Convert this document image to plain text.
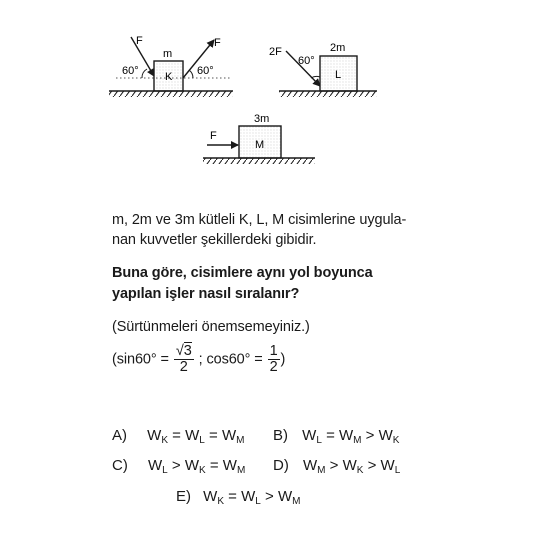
F
m
K
F
60°	60°
2F	2m
L
60°
F
3m
M
m, 2m ve 3m kütleli K, L, M cisimlerine uygula-
nan kuvvetler şekillerdeki gibidir.
Buna göre, cisimlere aynı yol boyunca
yapılan işler nasıl sıralanır?
(Sürtünmeleri önemsemeyiniz.)
($\sin 60^\circ = \frac{√3}{2}$ ; $\cos 60^\circ = \frac{1}{2}$ )
A) $W_K = W_L = W_M$ B) $W_L = W_M > W_K$
C) $W_L > W_K = W_M$ D) $W_M > W_K > W_L$
E) $W_K = W_L > W_M$
